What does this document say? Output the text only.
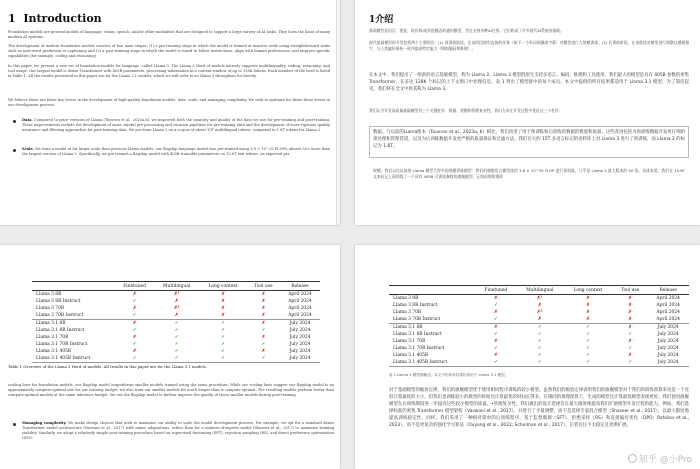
1 Introduction
Foundation models are general models of language, vision, speech, and/or other modalities that are designed to support a large variety of AI tasks. They form the basis of many modern AI systems.
The development of modern foundation models consists of two main stages: (1) a pre-training stage in which the model is trained at massive scale using straightforward tasks such as next-word prediction or captioning and (2) a post-training stage in which the model is tuned to follow instructions, align with human preferences, and improve specific capabilities (for example, coding and reasoning).
In this paper, we present a new set of foundation models for language, called Llama 3. The Llama 3 Herd of models natively supports multilinguality, coding, reasoning, and tool usage. Our largest model is dense Transformer with 405B parameters, processing information in a context window of up to 128K tokens. Each member of the herd is listed in Table 1. All the results presented in this paper are for the Llama 3.1 models, which we will refer to as Llama 3 throughout for brevity.
We believe there are three key levers in the development of high-quality foundation models: data, scale, and managing complexity. We seek to optimize for these three levers in our development process:
Data. Compared to prior versions of Llama (Touvron et al., 2023a,b), we improved both the quantity and quality of the data we use for pre-training and post-training. These improvements include the development of more careful pre-processing and curation pipelines for pre-training data and the development of more rigorous quality assurance and filtering approaches for post-training data. We pre-train Llama 3 on a corpus of about 15T multilingual tokens, compared to 1.8T tokens for Llama 2.
Scale. We train a model at far larger scale than previous Llama models: our flagship language model was pre-trained using 3.8 × 10^25 FLOPs, almost 50× more than the largest version of Llama 2. Specifically, we pre-trained a flagship model with 405B trainable parameters on 15.6T text tokens. As expected per
1介绍
基础模型是语言、视觉、语音和/或其他模态的通用模型，旨在支持各种AI任务。它们构成了许多现代AI系统的基础。
现代基础模型的开发包括两个主要阶段：(1) 预训练阶段，在该阶段使用直接的任务（如下一个单词预测或字幕）对模型进行大规模训练；(2) 后训练阶段，在该阶段对模型进行调整以遵循指令、与人类偏好保持一致并提高特定能力（例如编码和推理）。
在本文中，我们提出了一组新的语言基础模型，称为 Llama 3。Llama 3 模型群原生支持多语言、编码、推理和工具使用。我们最大的模型是具有 405B 参数的密集 Transformer，在多达 128K 个标记的上下文窗口中处理信息。表 1 列出了模型群中的每个成员。本文中提供的所有结果都适用于 Llama 3.1 模型，为了简洁起见，我们将在全文中将其称为 Llama 3。
我们认为开发高质量基础模型有三个关键杠杆：数据、规模和管理复杂性。我们力求在开发过程中优化这三个杠杆：
数据。与以前的Llama版本（Touvron et al., 2023a, b）相比，我们改进了用于预训练和后训练的数据的数量和质量。这些改进包括为预训练数据开发更仔细的预处理和管理管道，以及为后训练数据开发更严格的质量保证和过滤方法。我们在大约 15T 多语言标记的语料库上对 Llama 3 进行了预训练，而 Llama 2 的标记为 1.8T。
规模。我们以比以前的 Llama 模型大得多的规模训练模型：我们的旗舰语言模型使用 3.8 × 10^25 FLOP 进行预训练，几乎是 Llama 2 最大版本的 50 倍。具体来说，我们在 15.6T 文本标记上预训练了一个具有 405B 可训练参数的旗舰模型。正如预期的那样
	Finetuned	Multilingual	Long context	Tool use	Release
Llama 3 8B	✗	✗¹	✗	✗	April 2024
Llama 3 8B Instruct	✓	✗	✗	✗	April 2024
Llama 3 70B	✗	✗¹	✗	✗	April 2024
Llama 3 70B Instruct	✓	✗	✗	✗	April 2024
Llama 3.1 8B	✗	✓	✓	✗	July 2024
Llama 3.1 8B Instruct	✓	✓	✓	✓	July 2024
Llama 3.1 70B	✗	✓	✓	✗	July 2024
Llama 3.1 70B Instruct	✓	✓	✓	✓	July 2024
Llama 3.1 405B	✗	✓	✓	✗	July 2024
Llama 3.1 405B Instruct	✓	✓	✓	✓	July 2024
Table 1 Overview of the Llama 3 Herd of models. All results in this paper are for the Llama 3.1 models.
scaling laws for foundation models, our flagship model outperforms smaller models trained using the same procedure. While our scaling laws suggest our flagship model is an approximately compute-optimal size for our training budget, we also train our smaller models for much longer than is compute-optimal. The resulting models perform better than compute-optimal models at the same inference budget. We use the flagship model to further improve the quality of those smaller models during post-training.
Managing complexity. We make design choices that seek to maximize our ability to scale the model development process. For example, we opt for a standard dense Transformer model architecture (Vaswani et al., 2017) with minor adaptations, rather than for a mixture-of-experts model (Shazeer et al., 2017) to maximize training stability. Similarly, we adopt a relatively simple post-training procedure based on supervised finetuning (SFT), rejection sampling (RS), and direct preference optimization (DPO;
	Finetuned	Multilingual	Long context	Tool use	Release
Llama 3 8B	✗	✗¹	✗	✗	April 2024
Llama 3 8B Instruct	✓	✗	✗	✗	April 2024
Llama 3 70B	✗	✗¹	✗	✗	April 2024
Llama 3 70B Instruct	✓	✗	✗	✗	April 2024
Llama 3.1 8B	✗	✓	✓	✗	July 2024
Llama 3.1 8B Instruct	✓	✓	✓	✓	July 2024
Llama 3.1 70B	✗	✓	✓	✗	July 2024
Llama 3.1 70B Instruct	✓	✓	✓	✓	July 2024
Llama 3.1 405B	✗	✓	✓	✗	July 2024
Llama 3.1 405B Instruct	✓	✓	✓	✓	July 2024
表 1 Llama 3 模型群概述。本文中的所有结果均适用于 Llama 3.1 模型。
对于基础模型的缩放定律，我们的旗舰模型优于使用相同程序训练的较小模型。虽然我们的缩放定律表明我们的旗舰模型对于我们的训练预算来说是一个近似计算最优的大小，但我们也训练较小的模型的时间比计算最优的时间长得多。在相同的推理预算下，生成的模型比计算最优模型表现更好。我们使用旗舰模型在后训练期间进一步提高这些较小模型的质量。•管理复杂性。我们做出的设计选择旨在最大限度地提高我们扩展模型开发过程的能力。例如，我们选择标准的密集 Transformer 模型架构（Vaswani et al., 2017），并进行了少量调整，而不是选择专家混合模型（Shazeer et al., 2017），以最大限度地提高训练稳定性。同样，我们采用了一种相对简单的后训练程序，基于监督微调（SFT）、拒绝采样（RS）和直接偏好优化（DPO；Rafailov et al., 2023），而不是更复杂的强化学习算法（Ouyang et al., 2022; Schulman et al., 2017），后者往往不太稳定且更难扩展。
知乎 @小Pro
